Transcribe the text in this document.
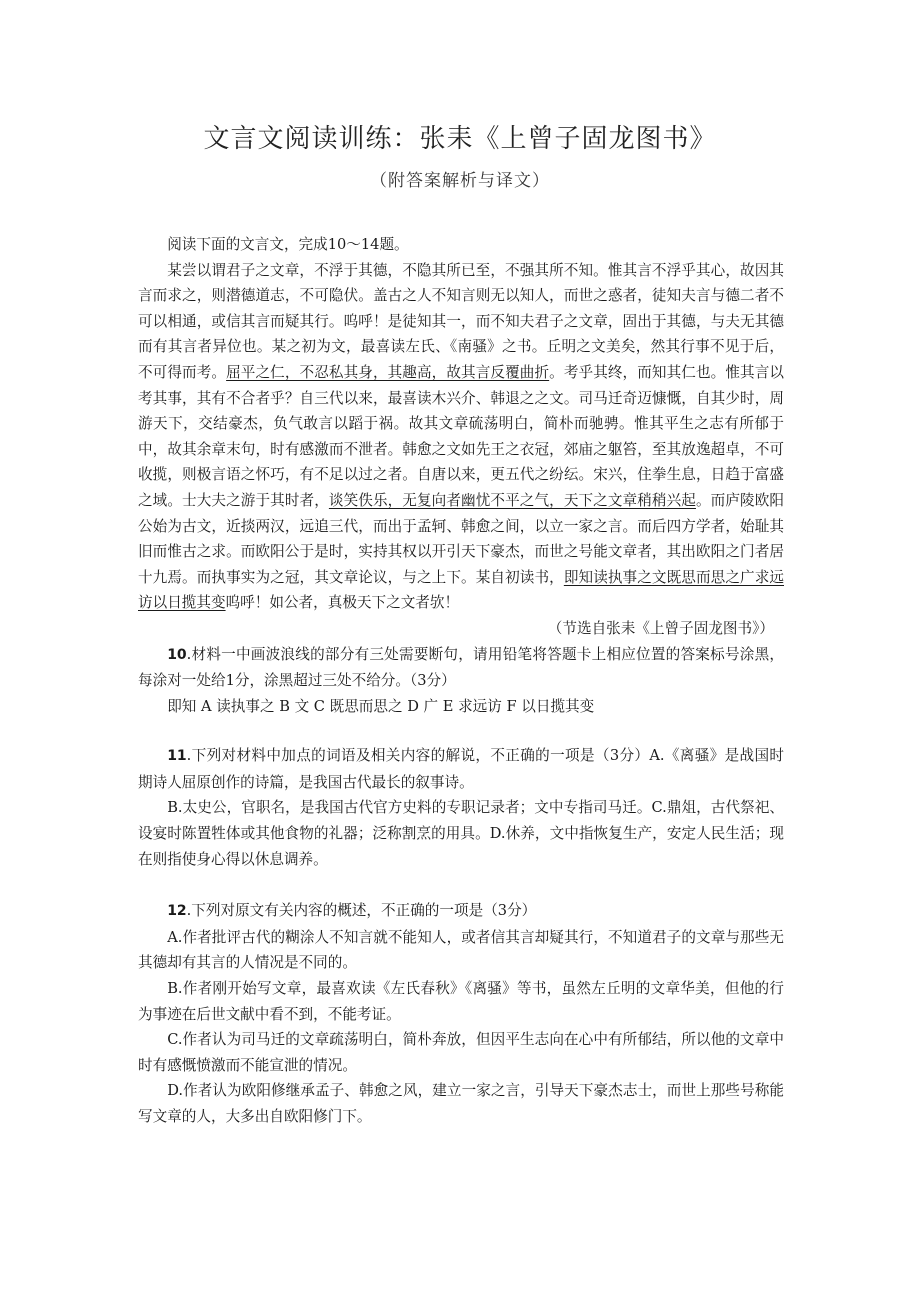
文言文阅读训练：张耒《上曾子固龙图书》
（附答案解析与译文）

阅读下面的文言文，完成10～14题。

某尝以谓君子之文章，不浮于其德，不隐其所已至，不强其所不知。惟其言不浮乎其心，故因其言而求之，则潜德道志，不可隐伏。盖古之人不知言则无以知人，而世之惑者，徒知夫言与德二者不可以相通，或信其言而疑其行。呜呼！是徒知其一，而不知夫君子之文章，固出于其德，与夫无其德而有其言者异位也。某之初为文，最喜读左氏、《南骚》之书。丘明之文美矣，然其行事不见于后，不可得而考。屈平之仁，不忍私其身，其趣高，故其言反覆曲折。考乎其终，而知其仁也。惟其言以考其事，其有不合者乎？自三代以来，最喜读木兴介、韩退之之文。司马迁奇迈慷慨，自其少时，周游天下，交结豪杰，负气敢言以蹈于祸。故其文章硫荡明白，简朴而驰骋。惟其平生之志有所郁于中，故其余章末句，时有感激而不泄者。韩愈之文如先王之衣冠，郊庙之躯笞，至其放逸超卓，不可收揽，则极言语之怀巧，有不足以过之者。自唐以来，更五代之纷纭。宋兴，住拳生息，日趋于富盛之域。士大夫之游于其时者，谈笑佚乐，无复向者幽忧不平之气，天下之文章稍稍兴起。而庐陵欧阳公始为古文，近掞两汉，远追三代，而出于孟轲、韩愈之间，以立一家之言。而后四方学者，始耻其旧而惟古之求。而欧阳公于是时，实持其权以开引天下豪杰，而世之号能文章者，其出欧阳之门者居十九焉。而执事实为之冠，其文章论议，与之上下。某自初读书，即知读执事之文既思而思之广求远访以日揽其变呜呼！如公者，真极天下之文者欤！

（节选自张耒《上曾子固龙图书》）

10.材料一中画波浪线的部分有三处需要断句，请用铅笔将答题卡上相应位置的答案标号涂黑，每涂对一处给1分，涂黑超过三处不给分。（3分）

即知 A 读执事之 B 文 C 既思而思之 D 广 E 求远访 F 以日揽其变

11.下列对材料中加点的词语及相关内容的解说，不正确的一项是（3分）A.《离骚》是战国时期诗人屈原创作的诗篇，是我国古代最长的叙事诗。

B.太史公，官职名，是我国古代官方史料的专职记录者；文中专指司马迁。C.鼎俎，古代祭祀、设宴时陈置牲体或其他食物的礼器；泛称割烹的用具。D.休养，文中指恢复生产，安定人民生活；现在则指使身心得以休息调养。

12.下列对原文有关内容的概述，不正确的一项是（3分）

A.作者批评古代的糊涂人不知言就不能知人，或者信其言却疑其行，不知道君子的文章与那些无其德却有其言的人情况是不同的。

B.作者刚开始写文章，最喜欢读《左氏春秋》《离骚》等书，虽然左丘明的文章华美，但他的行为事迹在后世文献中看不到，不能考证。

C.作者认为司马迁的文章疏荡明白，简朴奔放，但因平生志向在心中有所郁结，所以他的文章中时有感慨愤激而不能宣泄的情况。

D.作者认为欧阳修继承孟子、韩愈之风，建立一家之言，引导天下豪杰志士，而世上那些号称能写文章的人，大多出自欧阳修门下。
